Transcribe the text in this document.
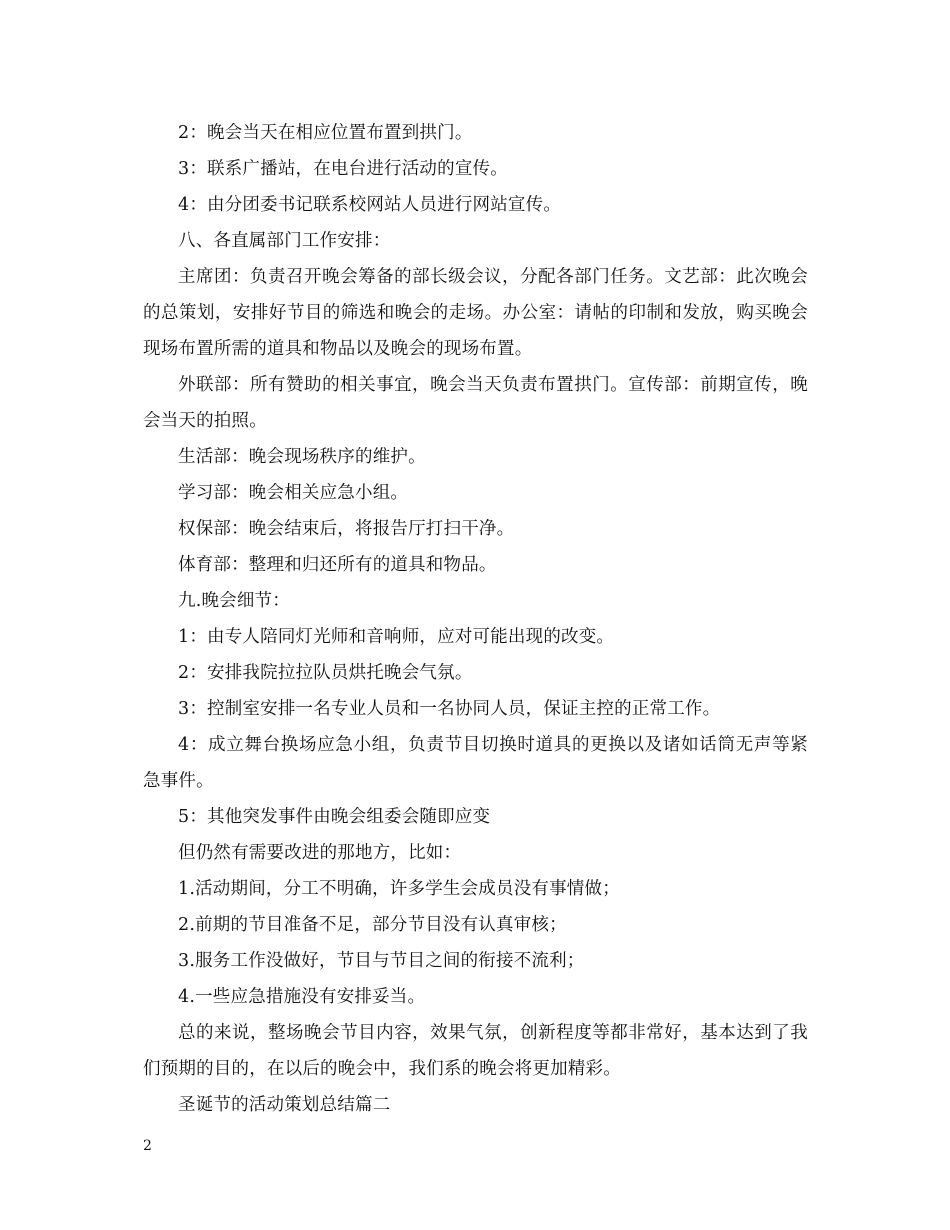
2：晚会当天在相应位置布置到拱门。

3：联系广播站，在电台进行活动的宣传。

4：由分团委书记联系校网站人员进行网站宣传。

八、各直属部门工作安排：

主席团：负责召开晚会筹备的部长级会议，分配各部门任务。文艺部：此次晚会的总策划，安排好节目的筛选和晚会的走场。办公室：请帖的印制和发放，购买晚会现场布置所需的道具和物品以及晚会的现场布置。

外联部：所有赞助的相关事宜，晚会当天负责布置拱门。宣传部：前期宣传，晚会当天的拍照。

生活部：晚会现场秩序的维护。

学习部：晚会相关应急小组。

权保部：晚会结束后，将报告厅打扫干净。

体育部：整理和归还所有的道具和物品。

九.晚会细节：

1：由专人陪同灯光师和音响师，应对可能出现的改变。

2：安排我院拉拉队员烘托晚会气氛。

3：控制室安排一名专业人员和一名协同人员，保证主控的正常工作。

4：成立舞台换场应急小组，负责节目切换时道具的更换以及诸如话筒无声等紧急事件。

5：其他突发事件由晚会组委会随即应变

但仍然有需要改进的那地方，比如：

1.活动期间，分工不明确，许多学生会成员没有事情做；

2.前期的节目准备不足，部分节目没有认真审核；

3.服务工作没做好，节目与节目之间的衔接不流利；

4.一些应急措施没有安排妥当。

总的来说，整场晚会节目内容，效果气氛，创新程度等都非常好，基本达到了我们预期的目的，在以后的晚会中，我们系的晚会将更加精彩。

圣诞节的活动策划总结篇二

2
